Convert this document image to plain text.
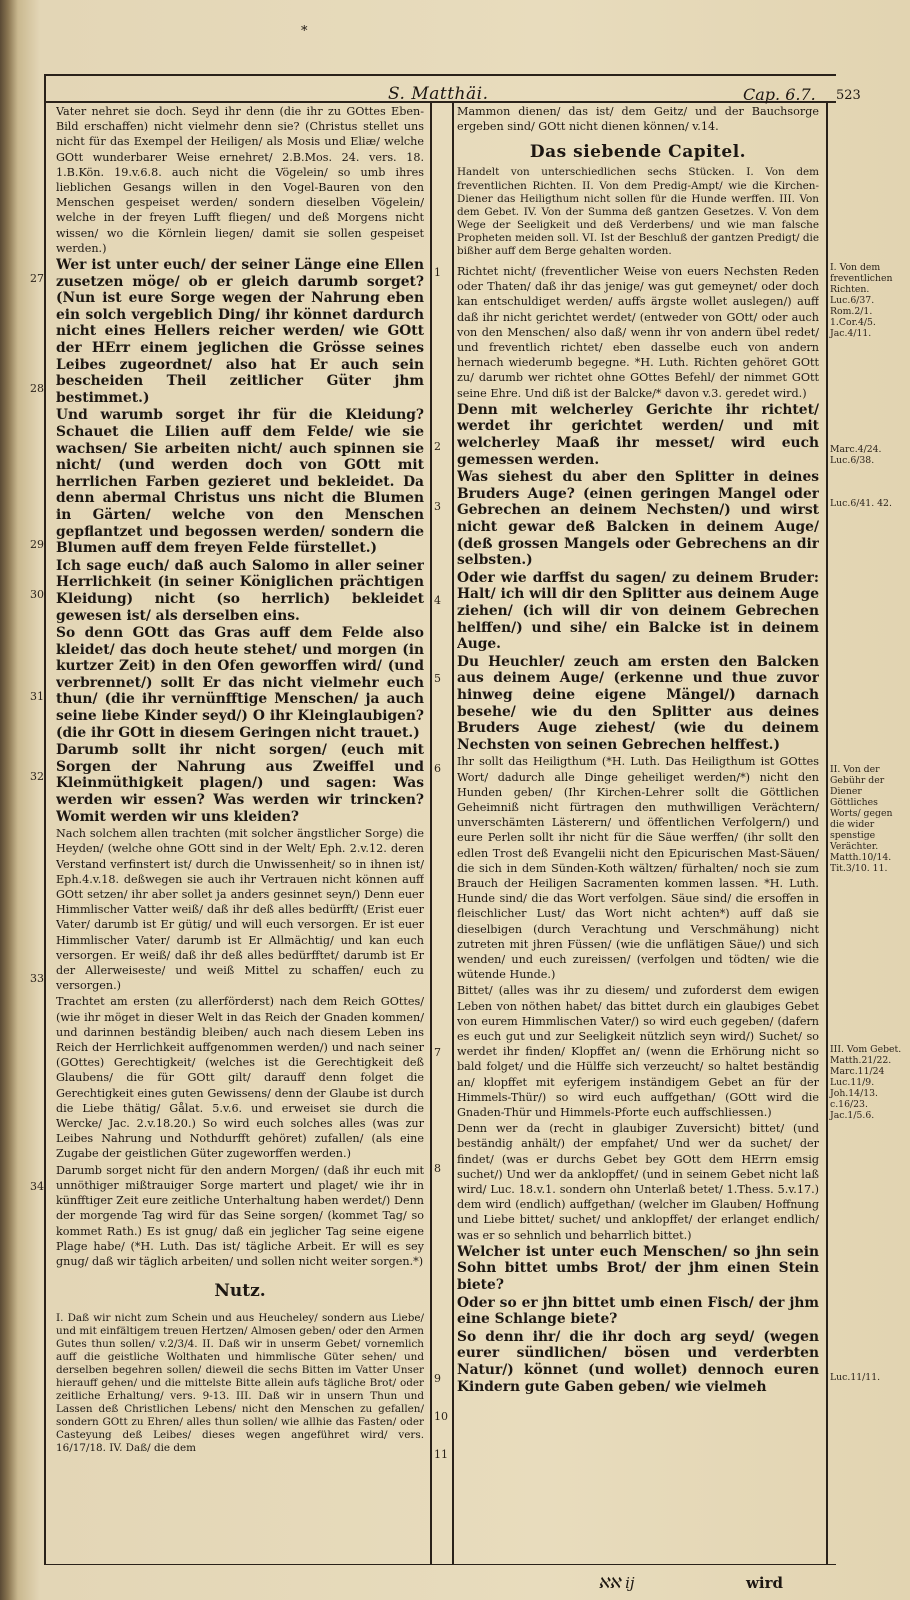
*
S. Matthäi.	Cap. 6.7. 523

Vater nehret sie doch. Seyd ihr denn (die ihr zu GOttes Eben-Bild erschaffen) nicht vielmehr denn sie? (Christus stellet uns nicht für das Exempel der Heiligen/ als Mosis und Eliæ/ welche GOtt wunderbarer Weise ernehret/ 2.B.Mos. 24. vers. 18. 1.B.Kön. 19.v.6.8. auch nicht die Vögelein/ so umb ihres lieblichen Gesangs willen in den Vogel-Bauren von den Menschen gespeiset werden/ sondern dieselben Vögelein/ welche in der freyen Lufft fliegen/ und deß Morgens nicht wissen/ wo die Körnlein liegen/ damit sie sollen gespeiset werden.)

Wer ist unter euch/ der seiner Länge eine Ellen zusetzen möge/ ob er gleich darumb sorget? (Nun ist eure Sorge wegen der Nahrung eben ein solch vergeblich Ding/ ihr könnet dardurch nicht eines Hellers reicher werden/ wie GOtt der HErr einem jeglichen die Grösse seines Leibes zugeordnet/ also hat Er auch sein bescheiden Theil zeitlicher Güter jhm bestimmet.)

Und warumb sorget ihr für die Kleidung? Schauet die Lilien auff dem Felde/ wie sie wachsen/ Sie arbeiten nicht/ auch spinnen sie nicht/ (und werden doch von GOtt mit herrlichen Farben gezieret und bekleidet. Da denn abermal Christus uns nicht die Blumen in Gärten/ welche von den Menschen gepflantzet und begossen werden/ sondern die Blumen auff dem freyen Felde fürstellet.)

Ich sage euch/ daß auch Salomo in aller seiner Herrlichkeit (in seiner Königlichen prächtigen Kleidung) nicht (so herrlich) bekleidet gewesen ist/ als derselben eins.

So denn GOtt das Gras auff dem Felde also kleidet/ das doch heute stehet/ und morgen (in kurtzer Zeit) in den Ofen geworffen wird/ (und verbrennet/) sollt Er das nicht vielmehr euch thun/ (die ihr vernünfftige Menschen/ ja auch seine liebe Kinder seyd/) O ihr Kleinglaubigen? (die ihr GOtt in diesem Geringen nicht trauet.)

Darumb sollt ihr nicht sorgen/ (euch mit Sorgen der Nahrung aus Zweiffel und Kleinmüthigkeit plagen/) und sagen: Was werden wir essen? Was werden wir trincken? Womit werden wir uns kleiden?

Nach solchem allen trachten (mit solcher ängstlicher Sorge) die Heyden/ (welche ohne GOtt sind in der Welt/ Eph. 2.v.12. deren Verstand verfinstert ist/ durch die Unwissenheit/ so in ihnen ist/ Eph.4.v.18. deßwegen sie auch ihr Vertrauen nicht können auff GOtt setzen/ ihr aber sollet ja anders gesinnet seyn/) Denn euer Himmlischer Vatter weiß/ daß ihr deß alles bedürfft/ (Erist euer Vater/ darumb ist Er gütig/ und will euch versorgen. Er ist euer Himmlischer Vater/ darumb ist Er Allmächtig/ und kan euch versorgen. Er weiß/ daß ihr deß alles bedürfftet/ darumb ist Er der Allerweiseste/ und weiß Mittel zu schaffen/ euch zu versorgen.)

Trachtet am ersten (zu allerförderst) nach dem Reich GOttes/ (wie ihr möget in dieser Welt in das Reich der Gnaden kommen/ und darinnen beständig bleiben/ auch nach diesem Leben ins Reich der Herrlichkeit auffgenommen werden/) und nach seiner (GOttes) Gerechtigkeit/ (welches ist die Gerechtigkeit deß Glaubens/ die für GOtt gilt/ darauff denn folget die Gerechtigkeit eines guten Gewissens/ denn der Glaube ist durch die Liebe thätig/ Gålat. 5.v.6. und erweiset sie durch die Wercke/ Jac. 2.v.18.20.) So wird euch solches alles (was zur Leibes Nahrung und Nothdurfft gehöret) zufallen/ (als eine Zugabe der geistlichen Güter zugeworffen werden.)

Darumb sorget nicht für den andern Morgen/ (daß ihr euch mit unnöthiger mißtrauiger Sorge martert und plaget/ wie ihr in künfftiger Zeit eure zeitliche Unterhaltung haben werdet/) Denn der morgende Tag wird für das Seine sorgen/ (kommet Tag/ so kommet Rath.) Es ist gnug/ daß ein jeglicher Tag seine eigene Plage habe/ (*H. Luth. Das ist/ tägliche Arbeit. Er will es sey gnug/ daß wir täglich arbeiten/ und sollen nicht weiter sorgen.*)

Nutz.

I. Daß wir nicht zum Schein und aus Heucheley/ sondern aus Liebe/ und mit einfältigem treuen Hertzen/ Almosen geben/ oder den Armen Gutes thun sollen/ v.2/3/4. II. Daß wir in unserm Gebet/ vornemlich auff die geistliche Wolthaten und himmlische Güter sehen/ und derselben begehren sollen/ dieweil die sechs Bitten im Vatter Unser hierauff gehen/ und die mittelste Bitte allein aufs tägliche Brot/ oder zeitliche Erhaltung/ vers. 9-13. III. Daß wir in unsern Thun und Lassen deß Christlichen Lebens/ nicht den Menschen zu gefallen/ sondern GOtt zu Ehren/ alles thun sollen/ wie allhie das Fasten/ oder Casteyung deß Leibes/ dieses wegen angeführet wird/ vers. 16/17/18. IV. Daß/ die dem

27
28
29
30
31
32
33
34

Mammon dienen/ das ist/ dem Geitz/ und der Bauchsorge ergeben sind/ GOtt nicht dienen können/ v.14.

Das siebende Capitel.

Handelt von unterschiedlichen sechs Stücken. I. Von dem freventlichen Richten. II. Von dem Predig-Ampt/ wie die Kirchen-Diener das Heiligthum nicht sollen für die Hunde werffen. III. Von dem Gebet. IV. Von der Summa deß gantzen Gesetzes. V. Von dem Wege der Seeligkeit und deß Verderbens/ und wie man falsche Propheten meiden soll. VI. Ist der Beschluß der gantzen Predigt/ die bißher auff dem Berge gehalten worden.

Richtet nicht/ (freventlicher Weise von euers Nechsten Reden oder Thaten/ daß ihr das jenige/ was gut gemeynet/ oder doch kan entschuldiget werden/ auffs ärgste wollet auslegen/) auff daß ihr nicht gerichtet werdet/ (entweder von GOtt/ oder auch von den Menschen/ also daß/ wenn ihr von andern übel redet/ und freventlich richtet/ eben dasselbe euch von andern hernach wiederumb begegne. *H. Luth. Richten gehöret GOtt zu/ darumb wer richtet ohne GOttes Befehl/ der nimmet GOtt seine Ehre. Und diß ist der Balcke/* davon v.3. geredet wird.)

Denn mit welcherley Gerichte ihr richtet/ werdet ihr gerichtet werden/ und mit welcherley Maaß ihr messet/ wird euch gemessen werden.

Was siehest du aber den Splitter in deines Bruders Auge? (einen geringen Mangel oder Gebrechen an deinem Nechsten/) und wirst nicht gewar deß Balcken in deinem Auge/ (deß grossen Mangels oder Gebrechens an dir selbsten.)

Oder wie darffst du sagen/ zu deinem Bruder: Halt/ ich will dir den Splitter aus deinem Auge ziehen/ (ich will dir von deinem Gebrechen helffen/) und sihe/ ein Balcke ist in deinem Auge.

Du Heuchler/ zeuch am ersten den Balcken aus deinem Auge/ (erkenne und thue zuvor hinweg deine eigene Mängel/) darnach besehe/ wie du den Splitter aus deines Bruders Auge ziehest/ (wie du deinem Nechsten von seinen Gebrechen helffest.)

Ihr sollt das Heiligthum (*H. Luth. Das Heiligthum ist GOttes Wort/ dadurch alle Dinge geheiliget werden/*) nicht den Hunden geben/ (Ihr Kirchen-Lehrer sollt die Göttlichen Geheimniß nicht fürtragen den muthwilligen Verächtern/ unverschämten Lästerern/ und öffentlichen Verfolgern/) und eure Perlen sollt ihr nicht für die Säue werffen/ (ihr sollt den edlen Trost deß Evangelii nicht den Epicurischen Mast-Säuen/ die sich in dem Sünden-Koth wältzen/ fürhalten/ noch sie zum Brauch der Heiligen Sacramenten kommen lassen. *H. Luth. Hunde sind/ die das Wort verfolgen. Säue sind/ die ersoffen in fleischlicher Lust/ das Wort nicht achten*) auff daß sie dieselbigen (durch Verachtung und Verschmähung) nicht zutreten mit jhren Füssen/ (wie die unflätigen Säue/) und sich wenden/ und euch zureissen/ (verfolgen und tödten/ wie die wütende Hunde.)

Bittet/ (alles was ihr zu diesem/ und zuforderst dem ewigen Leben von nöthen habet/ das bittet durch ein glaubiges Gebet von eurem Himmlischen Vater/) so wird euch gegeben/ (dafern es euch gut und zur Seeligkeit nützlich seyn wird/) Suchet/ so werdet ihr finden/ Klopffet an/ (wenn die Erhörung nicht so bald folget/ und die Hülffe sich verzeucht/ so haltet beständig an/ klopffet mit eyferigem inständigem Gebet an für der Himmels-Thür/) so wird euch auffgethan/ (GOtt wird die Gnaden-Thür und Himmels-Pforte euch auffschliessen.)

Denn wer da (recht in glaubiger Zuversicht) bittet/ (und beständig anhält/) der empfahet/ Und wer da suchet/ der findet/ (was er durchs Gebet bey GOtt dem HErrn emsig suchet/) Und wer da anklopffet/ (und in seinem Gebet nicht laß wird/ Luc. 18.v.1. sondern ohn Unterlaß betet/ 1.Thess. 5.v.17.) dem wird (endlich) auffgethan/ (welcher im Glauben/ Hoffnung und Liebe bittet/ suchet/ und anklopffet/ der erlanget endlich/ was er so sehnlich und beharrlich bittet.)

Welcher ist unter euch Menschen/ so jhn sein Sohn bittet umbs Brot/ der jhm einen Stein biete?

Oder so er jhn bittet umb einen Fisch/ der jhm eine Schlange biete?

So denn ihr/ die ihr doch arg seyd/ (wegen eurer sündlichen/ bösen und verderbten Natur/) könnet (und wollet) dennoch euren Kindern gute Gaben geben/ wie vielmeh

1
2
3
4
5
6
7
8
9
10
11
I. Von dem freventlichen Richten. Luc.6/37. Rom.2/1. 1.Cor.4/5. Jac.4/11.
Marc.4/24. Luc.6/38.
Luc.6/41. 42.
II. Von der Gebühr der Diener Göttliches Worts/ gegen die wider spenstige Verächter. Matth.10/14. Tit.3/10. 11.
III. Vom Gebet. Matth.21/22. Marc.11/24 Luc.11/9. Joh.14/13. c.16/23. Jac.1/5.6.
Luc.11/11.
ℵℵ ij	wird
